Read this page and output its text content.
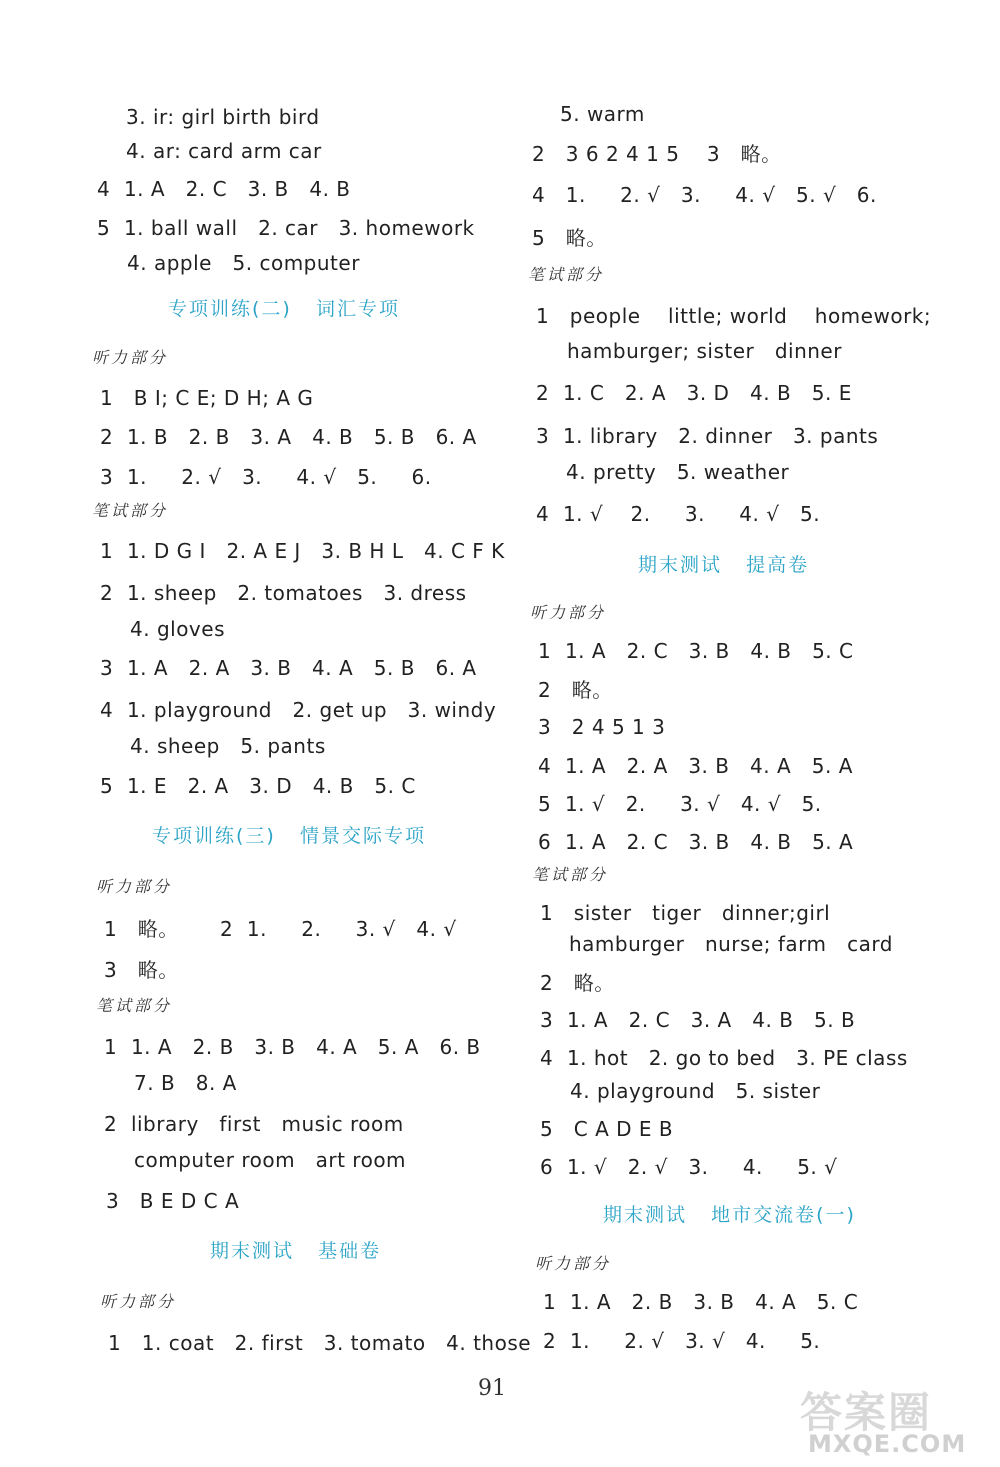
3. ir: girl birth bird
4. ar: card arm car
4  1. A   2. C   3. B   4. B
5  1. ball wall   2. car   3. homework
4. apple   5. computer
专项训练(二)   词汇专项
听力部分
1   B I; C E; D H; A G
2  1. B   2. B   3. A   4. B   5. B   6. A
3  1.     2. √   3.     4. √   5.     6.
笔试部分
1  1. D G I   2. A E J   3. B H L   4. C F K
2  1. sheep   2. tomatoes   3. dress
4. gloves
3  1. A   2. A   3. B   4. A   5. B   6. A
4  1. playground   2. get up   3. windy
4. sheep   5. pants
5  1. E   2. A   3. D   4. B   5. C
专项训练(三)   情景交际专项
听力部分
1   略。      2  1.     2.     3. √   4. √
3   略。
笔试部分
1  1. A   2. B   3. B   4. A   5. A   6. B
7. B   8. A
2  library   first   music room
computer room   art room
3   B E D C A
期末测试   基础卷
听力部分
1   1. coat   2. first   3. tomato   4. those
5. warm
2   3 6 2 4 1 5    3   略。
4   1.     2. √   3.     4. √   5. √   6.
5   略。
笔试部分
1   people    little; world    homework;
hamburger; sister   dinner
2  1. C   2. A   3. D   4. B   5. E
3  1. library   2. dinner   3. pants
4. pretty   5. weather
4  1. √    2.     3.     4. √   5.
期末测试   提高卷
听力部分
1  1. A   2. C   3. B   4. B   5. C
2   略。
3   2 4 5 1 3
4  1. A   2. A   3. B   4. A   5. A
5  1. √   2.     3. √   4. √   5.
6  1. A   2. C   3. B   4. B   5. A
笔试部分
1   sister   tiger   dinner;girl
hamburger   nurse; farm   card
2   略。
3  1. A   2. C   3. A   4. B   5. B
4  1. hot   2. go to bed   3. PE class
4. playground   5. sister
5   C A D E B
6  1. √   2. √   3.     4.     5. √
期末测试   地市交流卷(一)
听力部分
1  1. A   2. B   3. B   4. A   5. C
2  1.     2. √   3. √   4.     5.
91	答案圈
MXQE.COM
